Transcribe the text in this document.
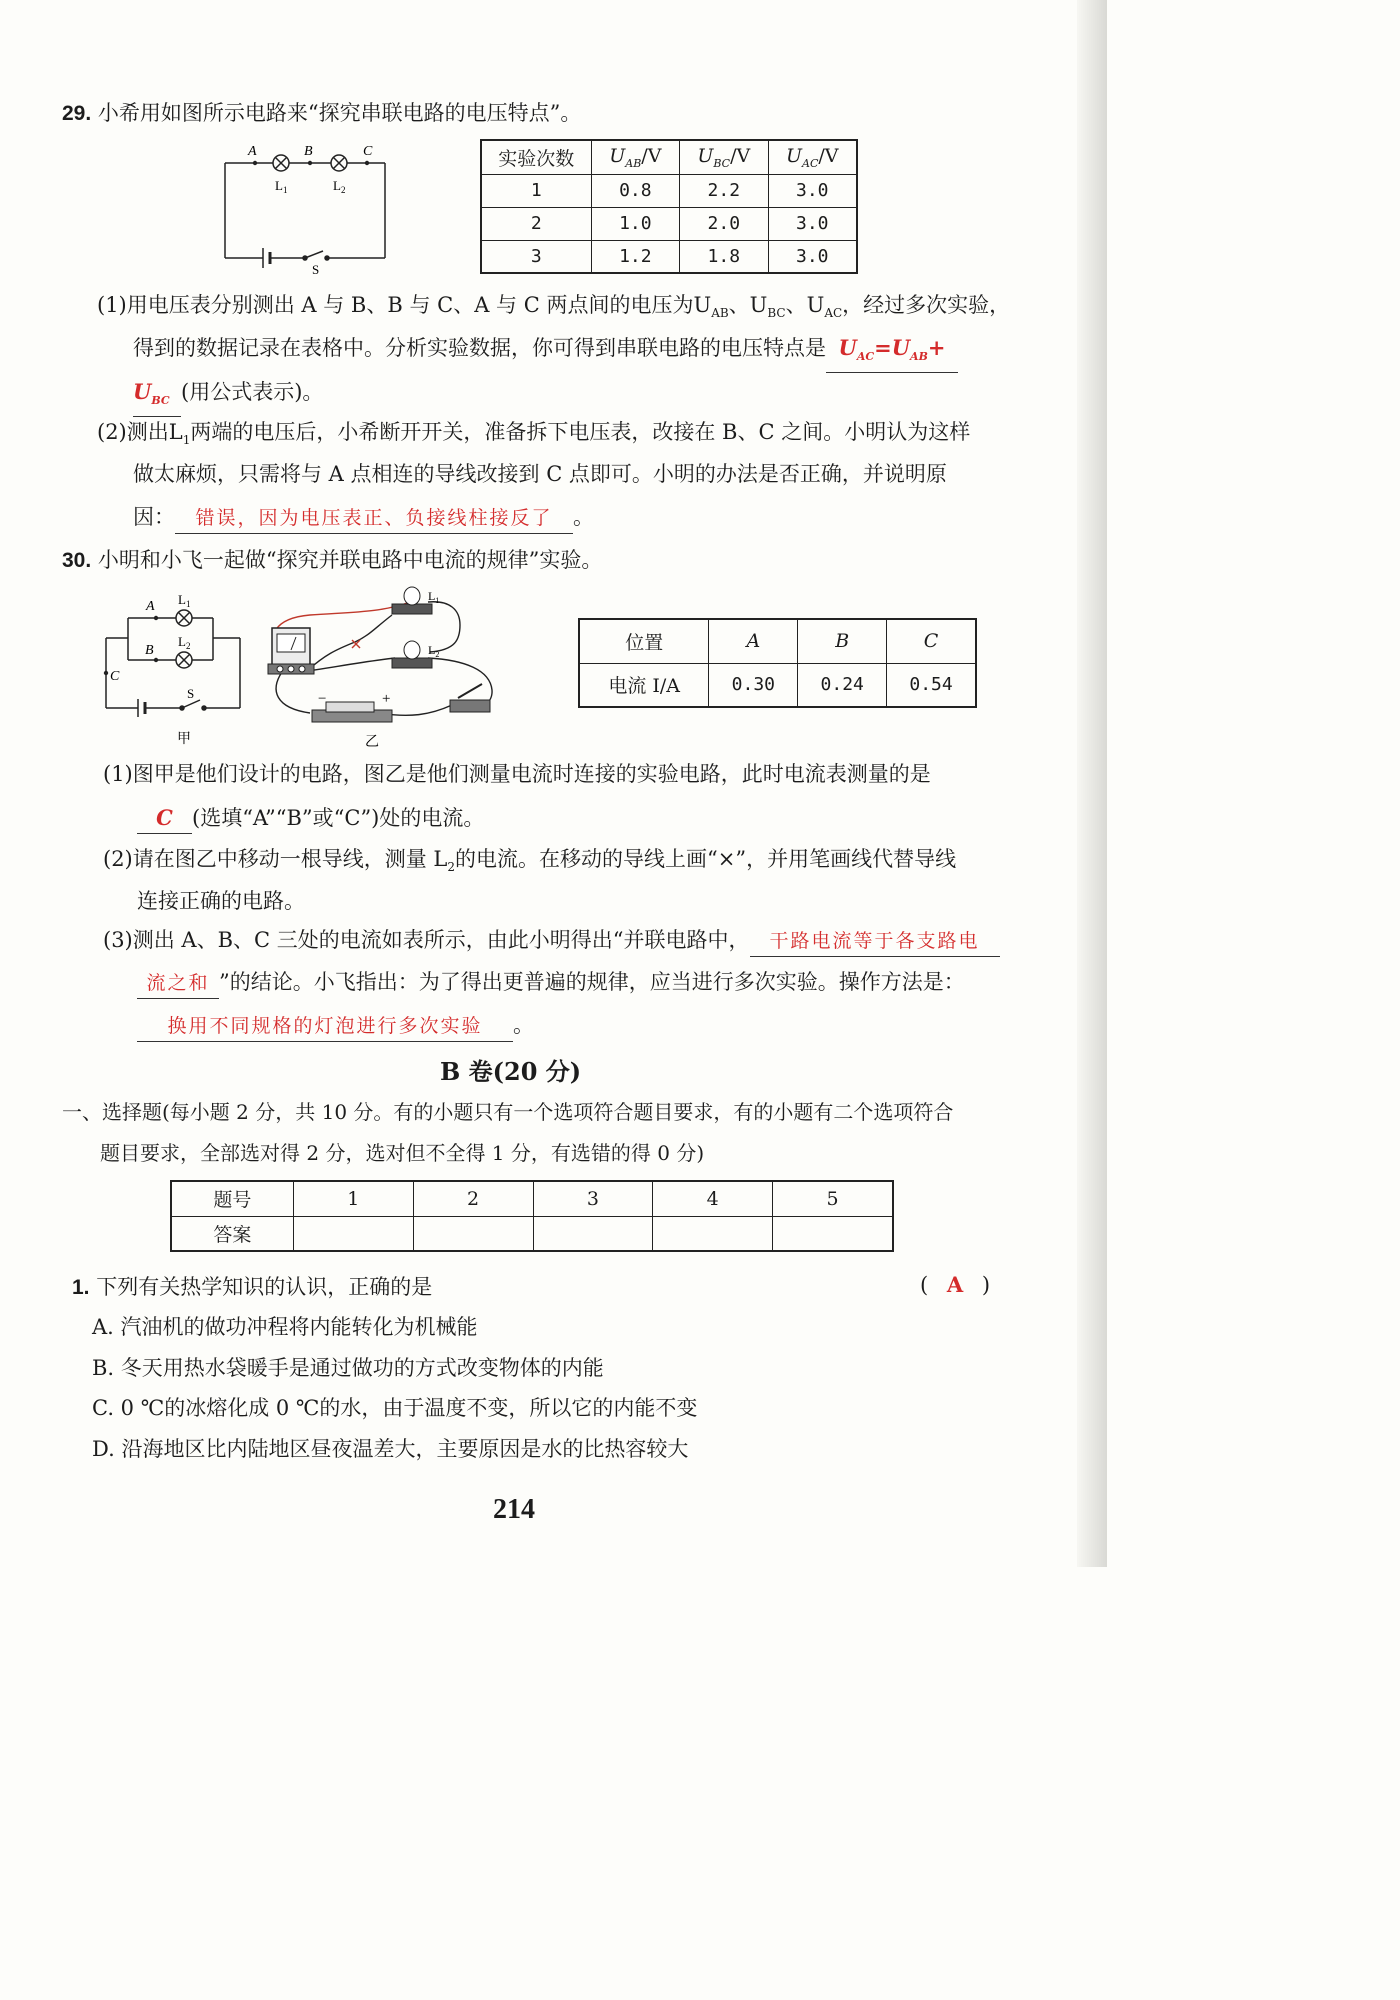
29. 小希用如图所示电路来“探究串联电路的电压特点”。
A	B	C
$L_1$	$L_2$
S
实验次数	$U_{AB}/V$	$U_{BC}/V$	$U_{AC}/V$
1	0.8	2.2	3.0
2	1.0	2.0	3.0
3	1.2	1.8	3.0
(1)用电压表分别测出 A 与 B、B 与 C、A 与 C 两点间的电压为$U_{AB}$、$U_{BC}$、$U_{AC}$，经过多次实验，
得到的数据记录在表格中。分析实验数据，你可得到串联电路的电压特点是 $U_{AC}=U_{AB}+$
$U_{BC}$ (用公式表示)。
(2)测出$L_1$两端的电压后，小希断开开关，准备拆下电压表，改接在 B、C 之间。小明认为这样
做太麻烦，只需将与 A 点相连的导线改接到 C 点即可。小明的办法是否正确，并说明原
因： 错误，因为电压表正、负接线柱接反了 。
30. 小明和小飞一起做“探究并联电路中电流的规律”实验。
A
B
C
$L_1$
$L_2$
S
甲
$L_1$
$L_2$
−	+
乙
位置	A	B	C
电流 I/A	0.30	0.24	0.54
(1)图甲是他们设计的电路，图乙是他们测量电流时连接的实验电路，此时电流表测量的是
C (选填“A”“B”或“C”)处的电流。
(2)请在图乙中移动一根导线，测量 $L_2$的电流。在移动的导线上画“×”，并用笔画线代替导线
连接正确的电路。
(3)测出 A、B、C 三处的电流如表所示，由此小明得出“并联电路中， 干路电流等于各支路电
流之和 ”的结论。小飞指出：为了得出更普遍的规律，应当进行多次实验。操作方法是：
换用不同规格的灯泡进行多次实验 。
B 卷(20 分)
一、选择题(每小题 2 分，共 10 分。有的小题只有一个选项符合题目要求，有的小题有二个选项符合
题目要求，全部选对得 2 分，选对但不全得 1 分，有选错的得 0 分)
题号	1	2	3	4	5
答案					
1. 下列有关热学知识的认识，正确的是	( A )
A. 汽油机的做功冲程将内能转化为机械能
B. 冬天用热水袋暖手是通过做功的方式改变物体的内能
C. 0 ℃的冰熔化成 0 ℃的水，由于温度不变，所以它的内能不变
D. 沿海地区比内陆地区昼夜温差大，主要原因是水的比热容较大
214
